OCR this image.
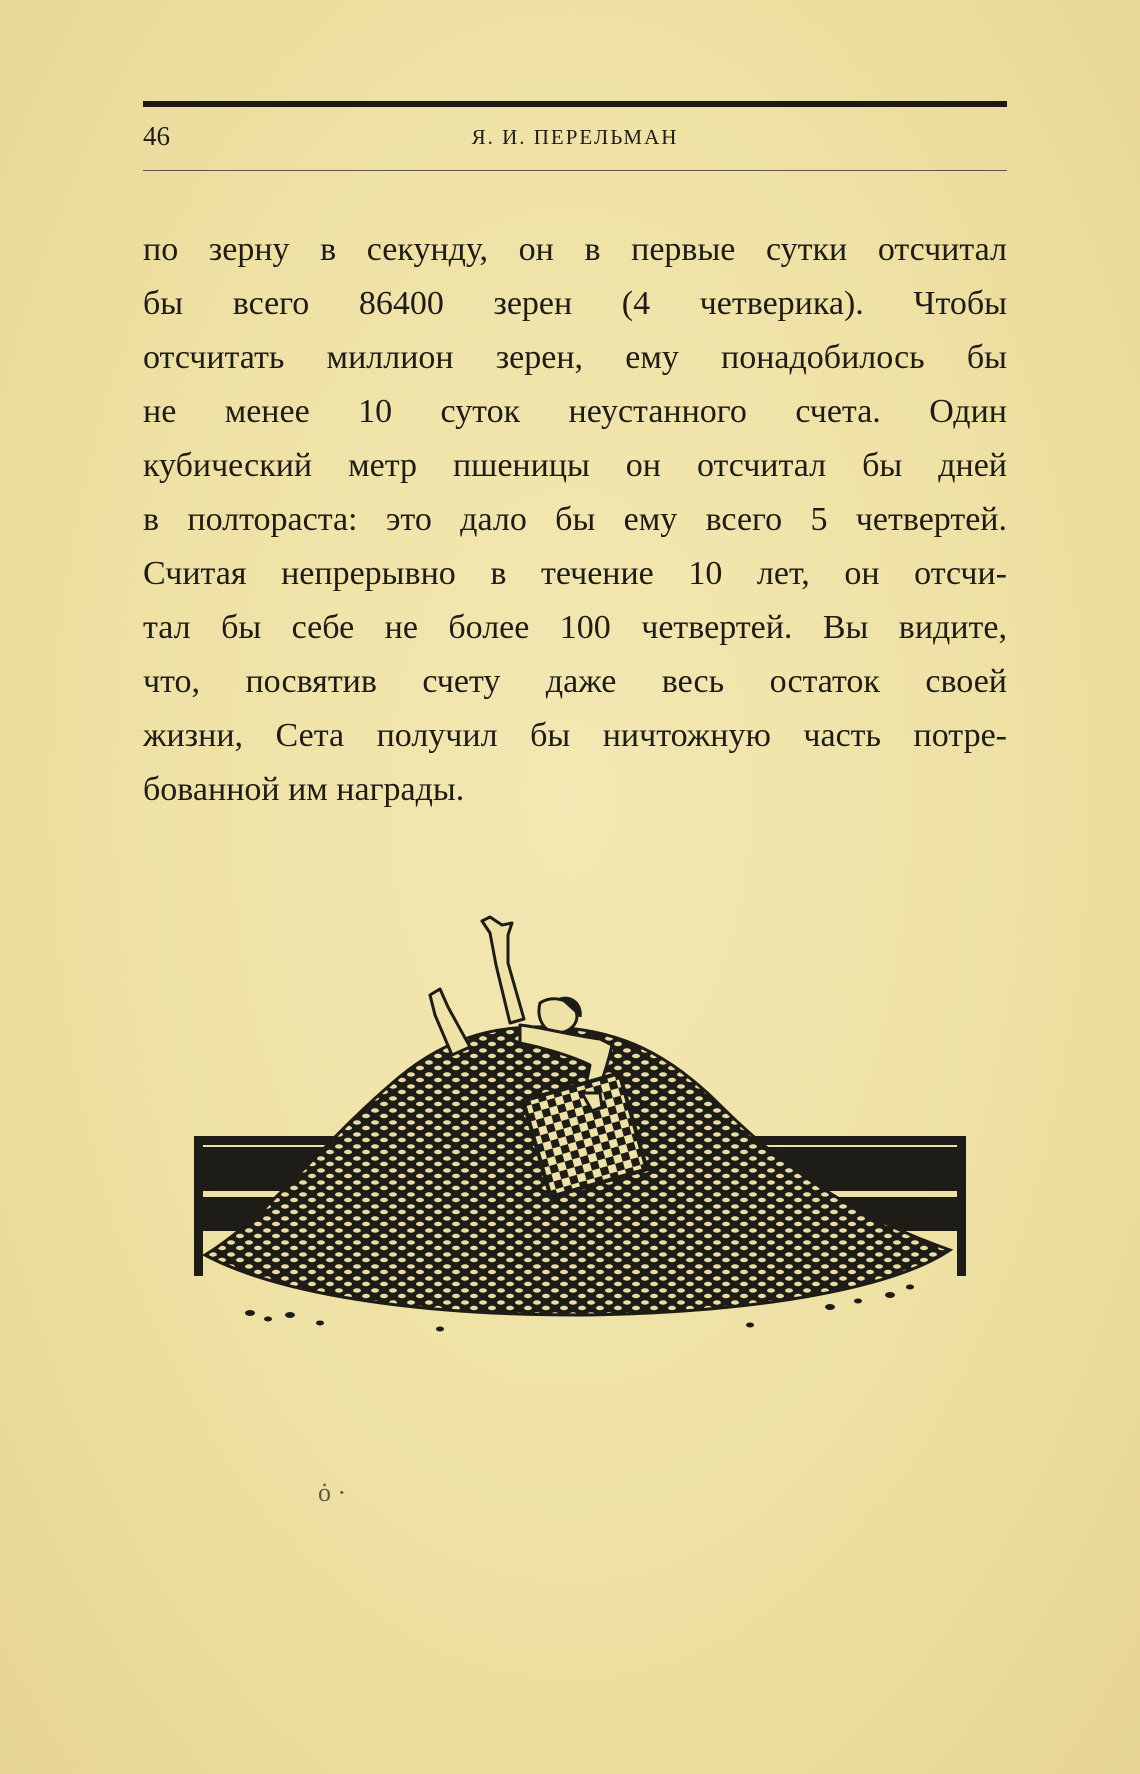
46	Я. И. ПЕРЕЛЬМАН
по зерну в секунду, он в первые сутки отсчитал
бы всего 86400 зерен (4 четверика). Чтобы
отсчитать миллион зерен, ему понадобилось бы
не менее 10 суток неустанного счета. Один
кубический метр пшеницы он отсчитал бы дней
в полтораста: это дало бы ему всего 5 четвертей.
Считая непрерывно в течение 10 лет, он отсчи-
тал бы себе не более 100 четвертей. Вы видите,
что, посвятив счету даже весь остаток своей
жизни, Сета получил бы ничтожную часть потре-
бованной им награды.
ȯ ·
